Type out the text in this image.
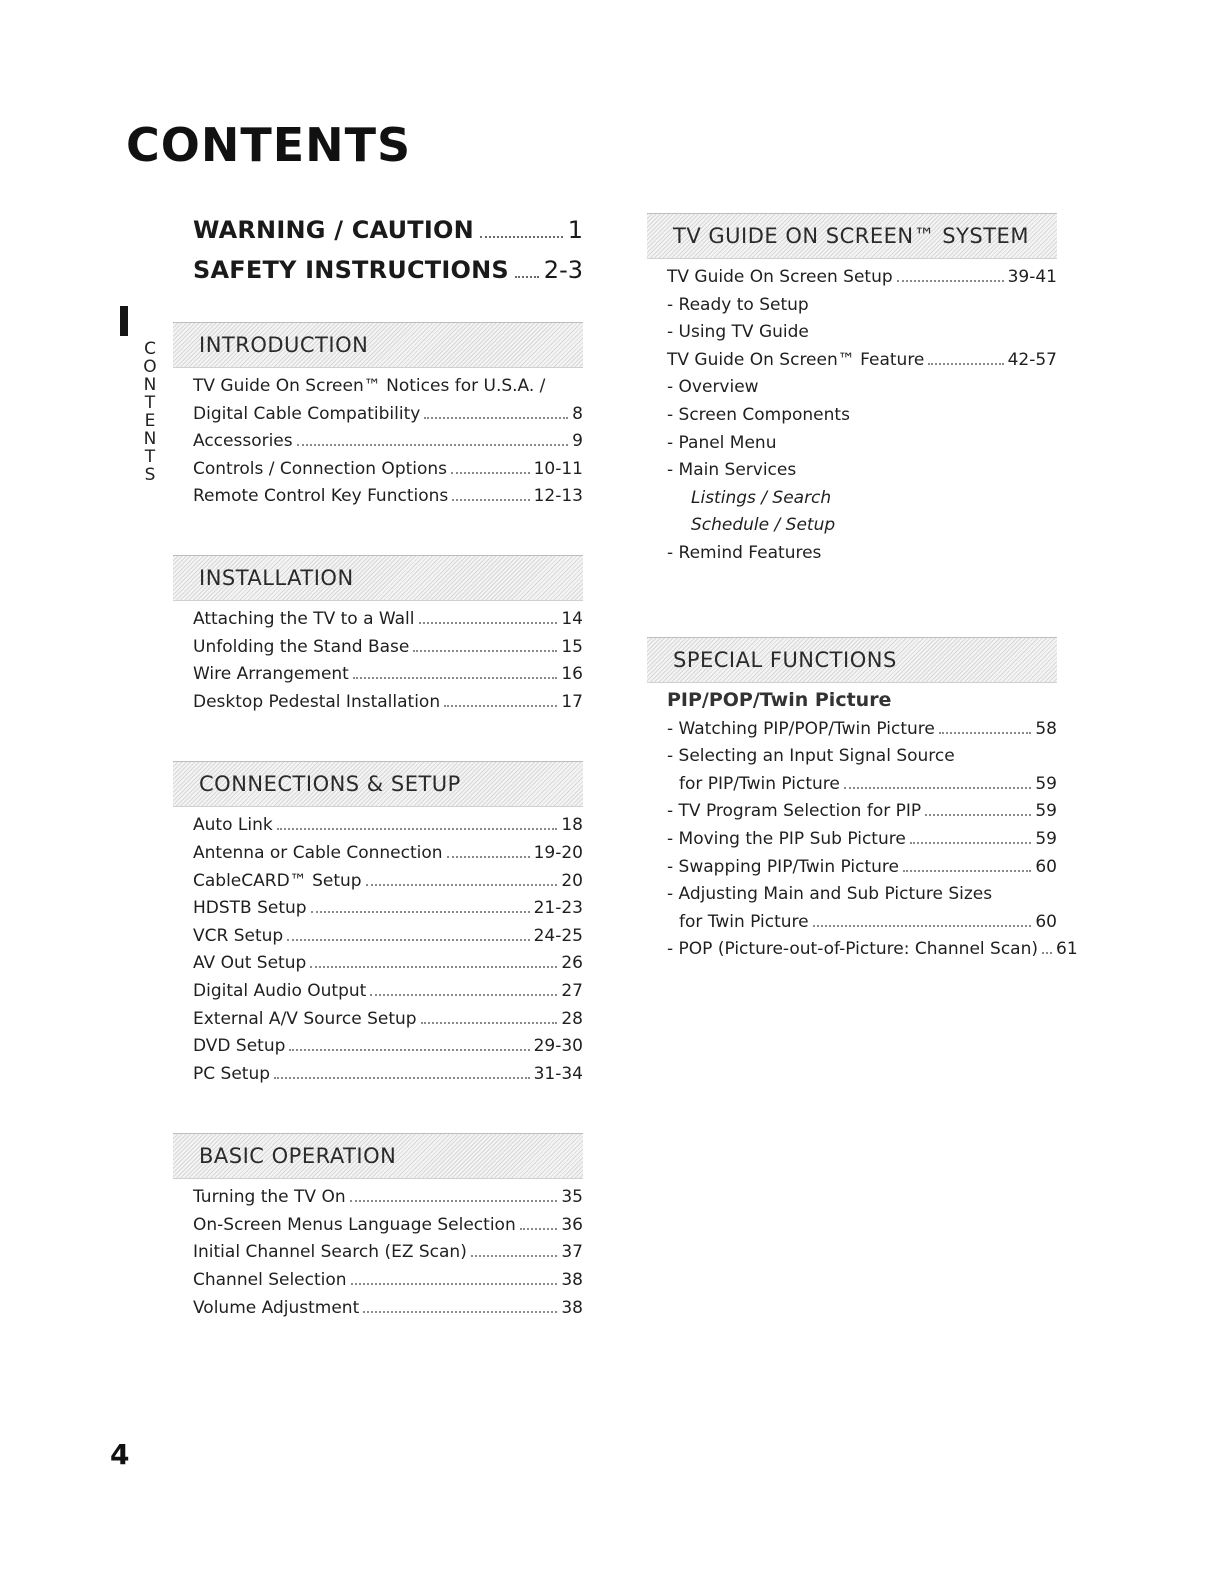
CONTENTS
C
O
N
T
E
N
T
S
WARNING / CAUTION	1
SAFETY INSTRUCTIONS 2-3
INTRODUCTION
TV Guide On Screen™ Notices for U.S.A. /
Digital Cable Compatibility	8
Accessories	9
Controls / Connection Options	10-11
Remote Control Key Functions	12-13
INSTALLATION
Attaching the TV to a Wall	14
Unfolding the Stand Base	15
Wire Arrangement	16
Desktop Pedestal Installation	17
CONNECTIONS & SETUP
Auto Link	18
Antenna or Cable Connection	19-20
CableCARD™ Setup	20
HDSTB Setup	21-23
VCR Setup	24-25
AV Out Setup	26
Digital Audio Output	27
External A/V Source Setup	28
DVD Setup	29-30
PC Setup	31-34
BASIC OPERATION
Turning the TV On	35
On-Screen Menus Language Selection	36
Initial Channel Search (EZ Scan)	37
Channel Selection	38
Volume Adjustment	38
TV GUIDE ON SCREEN™ SYSTEM
TV Guide On Screen Setup	39-41
- Ready to Setup
- Using TV Guide
TV Guide On Screen™ Feature	42-57
- Overview
- Screen Components
- Panel Menu
- Main Services
Listings / Search
Schedule / Setup
- Remind Features
SPECIAL FUNCTIONS
PIP/POP/Twin Picture
- Watching PIP/POP/Twin Picture	58
- Selecting an Input Signal Source
for PIP/Twin Picture	59
- TV Program Selection for PIP	59
- Moving the PIP Sub Picture	59
- Swapping PIP/Twin Picture	60
- Adjusting Main and Sub Picture Sizes
for Twin Picture	60
- POP (Picture-out-of-Picture: Channel Scan) 61
4
